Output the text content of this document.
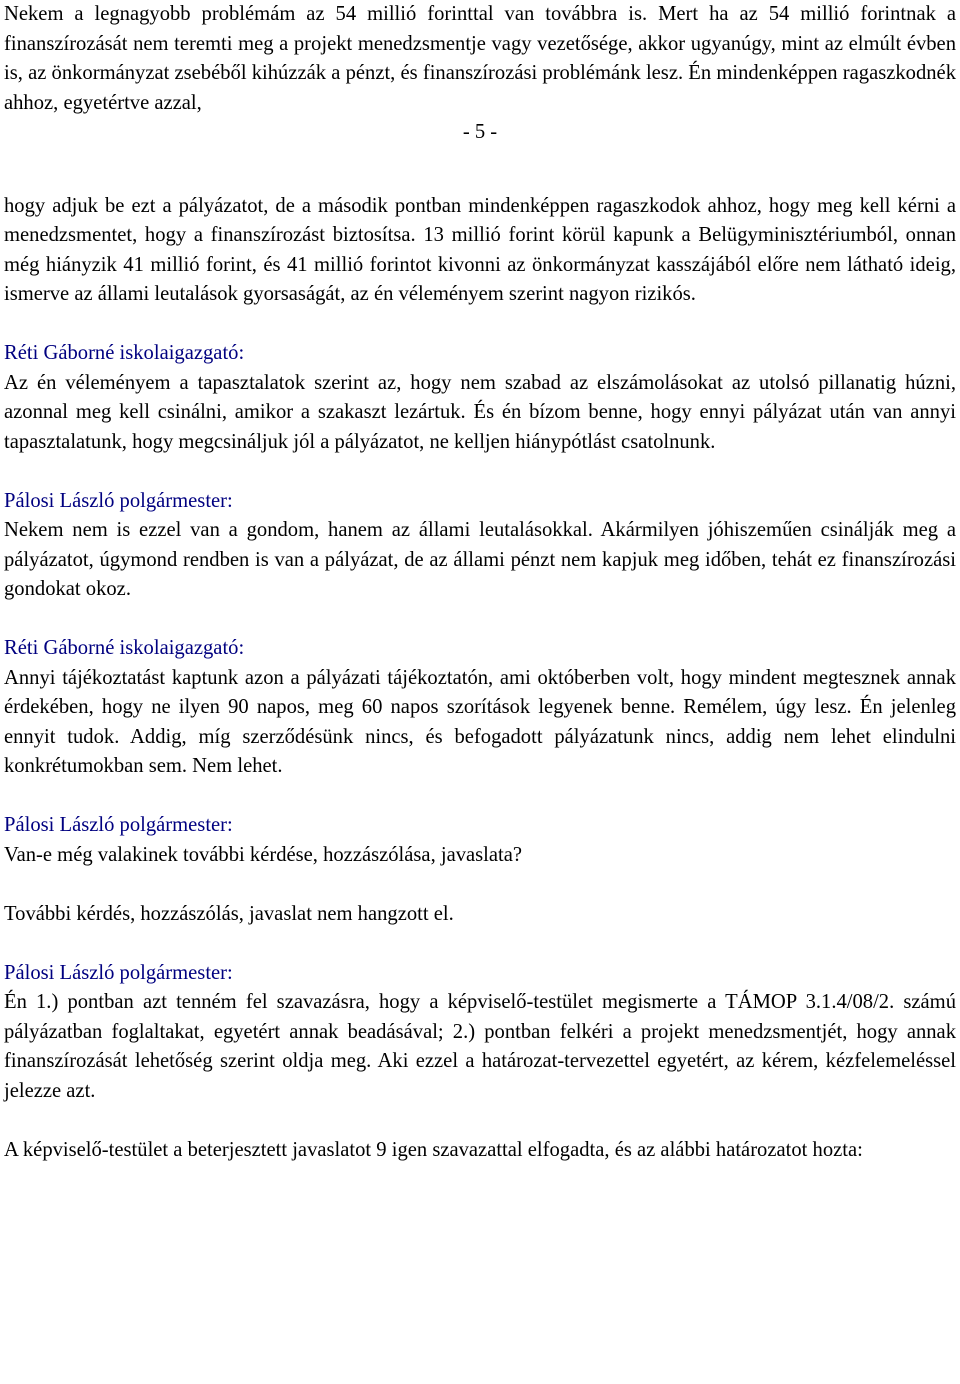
Nekem a legnagyobb problémám az 54 millió forinttal van továbbra is. Mert ha az 54 millió forintnak a finanszírozását nem teremti meg a projekt menedzsmentje vagy vezetősége, akkor ugyanúgy, mint az elmúlt évben is, az önkormányzat zsebéből kihúzzák a pénzt, és finanszírozási problémánk lesz. Én mindenképpen ragaszkodnék ahhoz, egyetértve azzal,

- 5 -

hogy adjuk be ezt a pályázatot, de a második pontban mindenképpen ragaszkodok ahhoz, hogy meg kell kérni a menedzsmentet, hogy a finanszírozást biztosítsa. 13 millió forint körül kapunk a Belügyminisztériumból, onnan még hiányzik 41 millió forint, és 41 millió forintot kivonni az önkormányzat kasszájából előre nem látható ideig, ismerve az állami leutalások gyorsaságát, az én véleményem szerint nagyon rizikós.

Réti Gáborné iskolaigazgató:

Az én véleményem a tapasztalatok szerint az, hogy nem szabad az elszámolásokat az utolsó pillanatig húzni, azonnal meg kell csinálni, amikor a szakaszt lezártuk. És én bízom benne, hogy ennyi pályázat után van annyi tapasztalatunk, hogy megcsináljuk jól a pályázatot, ne kelljen hiánypótlást csatolnunk.

Pálosi László polgármester:

Nekem nem is ezzel van a gondom, hanem az állami leutalásokkal. Akármilyen jóhiszeműen csinálják meg a pályázatot, úgymond rendben is van a pályázat, de az állami pénzt nem kapjuk meg időben, tehát ez finanszírozási gondokat okoz.

Réti Gáborné iskolaigazgató:

Annyi tájékoztatást kaptunk azon a pályázati tájékoztatón, ami októberben volt, hogy mindent megtesznek annak érdekében, hogy ne ilyen 90 napos, meg 60 napos szorítások legyenek benne. Remélem, úgy lesz. Én jelenleg ennyit tudok. Addig, míg szerződésünk nincs, és befogadott pályázatunk nincs, addig nem lehet elindulni konkrétumokban sem. Nem lehet.

Pálosi László polgármester:

Van-e még valakinek további kérdése, hozzászólása, javaslata?

További kérdés, hozzászólás, javaslat nem hangzott el.

Pálosi László polgármester:

Én 1.) pontban azt tenném fel szavazásra, hogy a képviselő-testület megismerte a TÁMOP 3.1.4/08/2. számú pályázatban foglaltakat, egyetért annak beadásával; 2.) pontban felkéri a projekt menedzsmentjét, hogy annak finanszírozását lehetőség szerint oldja meg. Aki ezzel a határozat-tervezettel egyetért, az kérem, kézfelemeléssel jelezze azt.

A képviselő-testület a beterjesztett javaslatot 9 igen szavazattal elfogadta, és az alábbi határozatot hozta:
